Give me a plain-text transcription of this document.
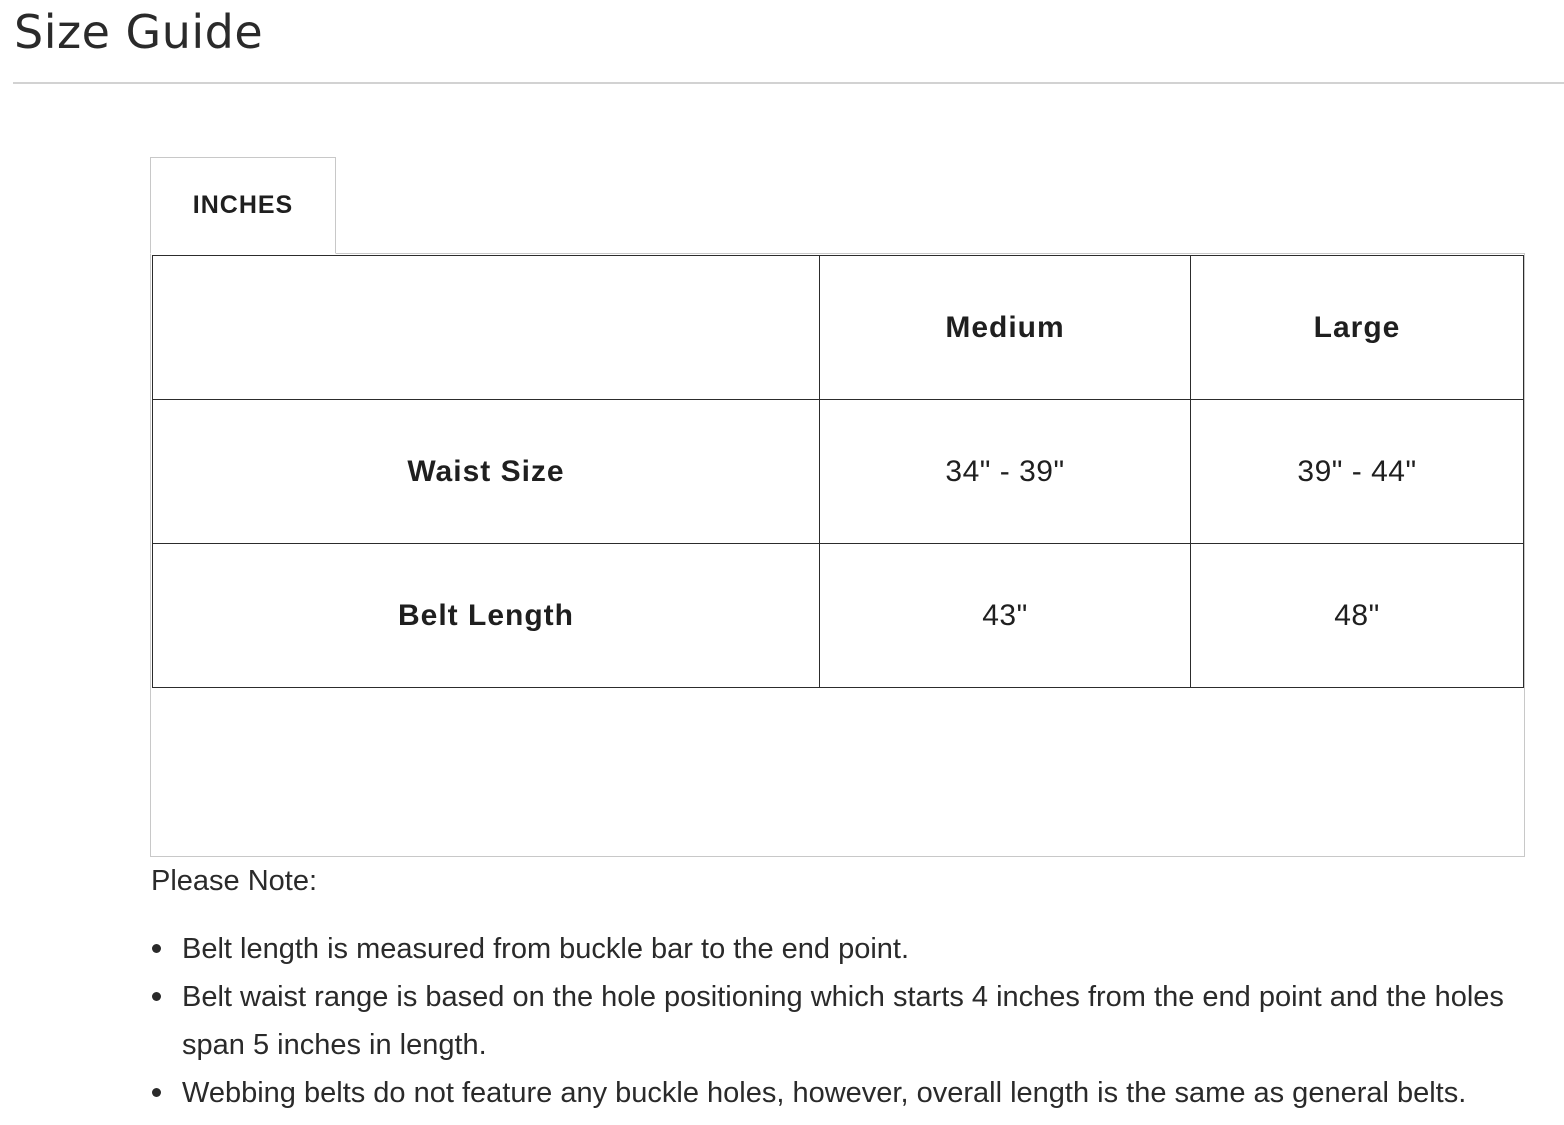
Size Guide
INCHES
	Medium	Large
Waist Size	34" - 39"	39" - 44"
Belt Length	43"	48"

Please Note:

Belt length is measured from buckle bar to the end point.
Belt waist range is based on the hole positioning which starts 4 inches from the end point and the holes span 5 inches in length.
Webbing belts do not feature any buckle holes, however, overall length is the same as general belts.
